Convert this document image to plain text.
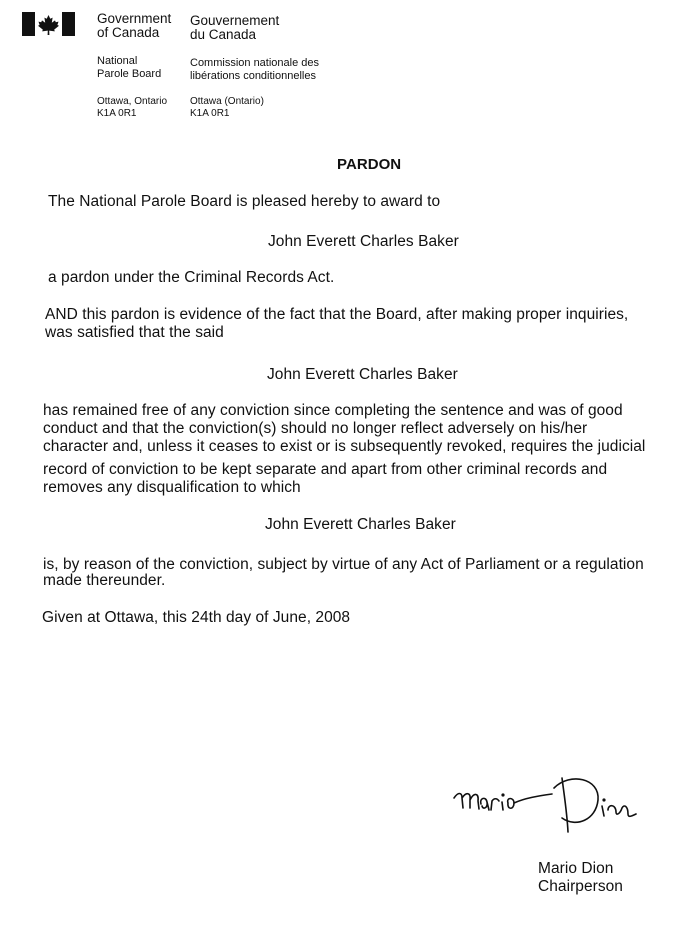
Government
of Canada
Gouvernement
du Canada
National
Parole Board
Commission nationale des
libérations conditionnelles
Ottawa, Ontario
K1A 0R1
Ottawa (Ontario)
K1A 0R1
PARDON
The National Parole Board is pleased hereby to award to
John Everett Charles Baker
a pardon under the Criminal Records Act.
AND this pardon is evidence of the fact that the Board, after making proper inquiries,
was satisfied that the said
John Everett Charles Baker
has remained free of any conviction since completing the sentence and was of good
conduct and that the conviction(s) should no longer reflect adversely on his/her
character and, unless it ceases to exist or is subsequently revoked, requires the judicial
record of conviction to be kept separate and apart from other criminal records and
removes any disqualification to which
John Everett Charles Baker
is, by reason of the conviction, subject by virtue of any Act of Parliament or a regulation
made thereunder.
Given at Ottawa, this 24th day of June, 2008
Mario Dion
Chairperson
